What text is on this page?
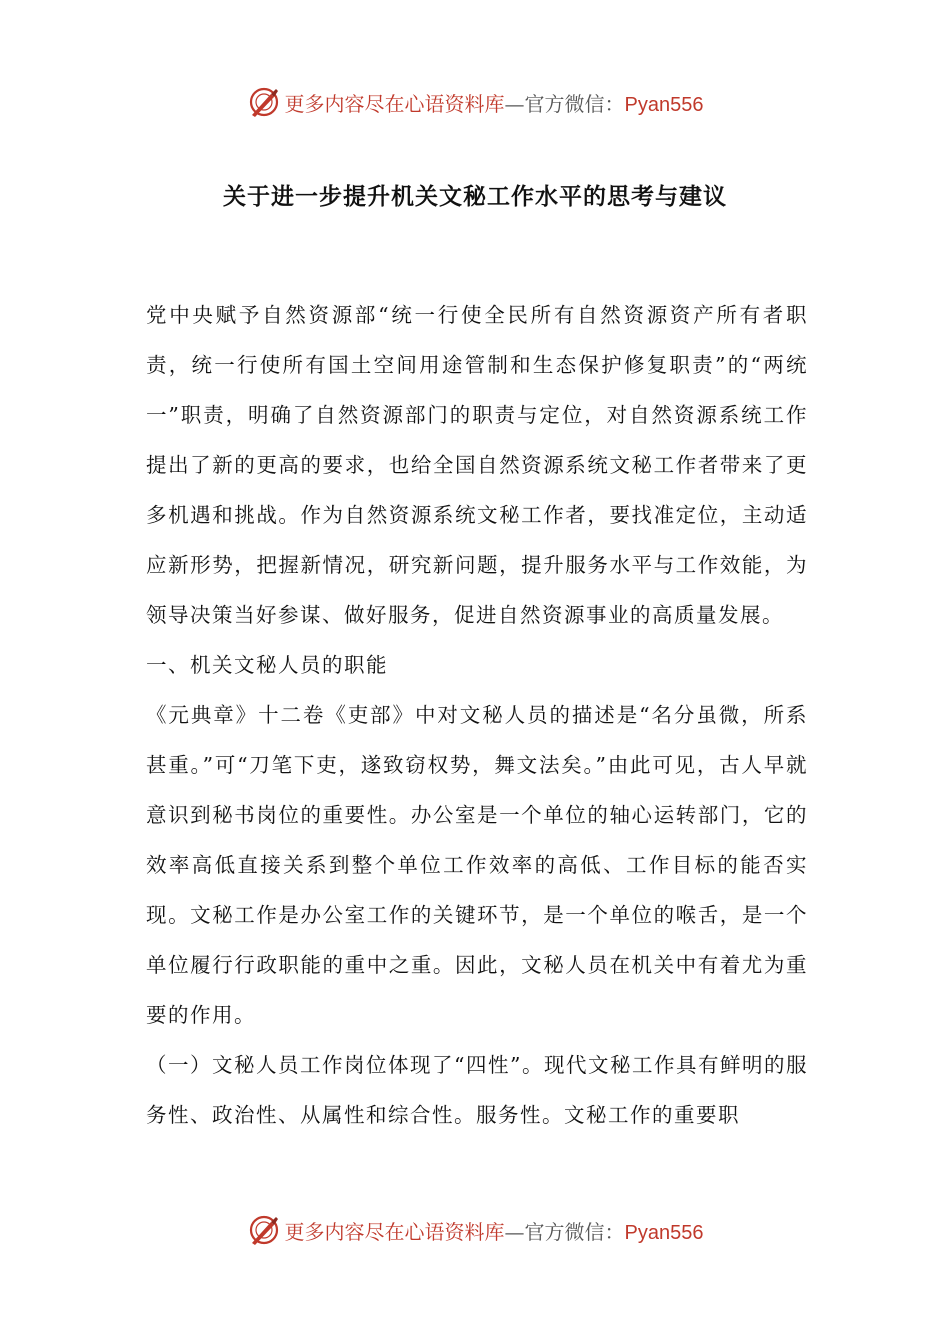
更多内容尽在心语资料库—官方微信：Pyan556
关于进一步提升机关文秘工作水平的思考与建议

党中央赋予自然资源部“统一行使全民所有自然资源资产所有者职责，统一行使所有国土空间用途管制和生态保护修复职责”的“两统一”职责，明确了自然资源部门的职责与定位，对自然资源系统工作提出了新的更高的要求，也给全国自然资源系统文秘工作者带来了更多机遇和挑战。作为自然资源系统文秘工作者，要找准定位，主动适应新形势，把握新情况，研究新问题，提升服务水平与工作效能，为领导决策当好参谋、做好服务，促进自然资源事业的高质量发展。

一、机关文秘人员的职能

《元典章》十二卷《吏部》中对文秘人员的描述是“名分虽微，所系甚重。”可“刀笔下吏，遂致窃权势，舞文法矣。”由此可见，古人早就意识到秘书岗位的重要性。办公室是一个单位的轴心运转部门，它的效率高低直接关系到整个单位工作效率的高低、工作目标的能否实现。文秘工作是办公室工作的关键环节，是一个单位的喉舌，是一个单位履行行政职能的重中之重。因此，文秘人员在机关中有着尤为重要的作用。

（一）文秘人员工作岗位体现了“四性”。现代文秘工作具有鲜明的服务性、政治性、从属性和综合性。服务性。文秘工作的重要职

更多内容尽在心语资料库—官方微信：Pyan556
